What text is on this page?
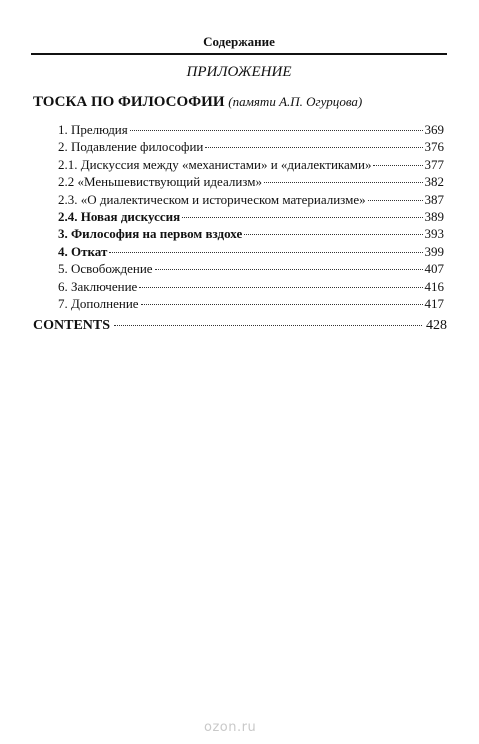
Содержание
ПРИЛОЖЕНИЕ
ТОСКА ПО ФИЛОСОФИИ (памяти А.П. Огурцова)
1. Прелюдия	369
2. Подавление философии	376
2.1. Дискуссия между «механистами» и «диалектиками»	377
2.2 «Меньшевиствующий идеализм»	382
2.3. «О диалектическом и историческом материализме»	387
2.4. Новая дискуссия	389
3. Философия на первом вздохе	393
4. Откат	399
5. Освобождение	407
6. Заключение	416
7. Дополнение	417
CONTENTS	428
ozon.ru
